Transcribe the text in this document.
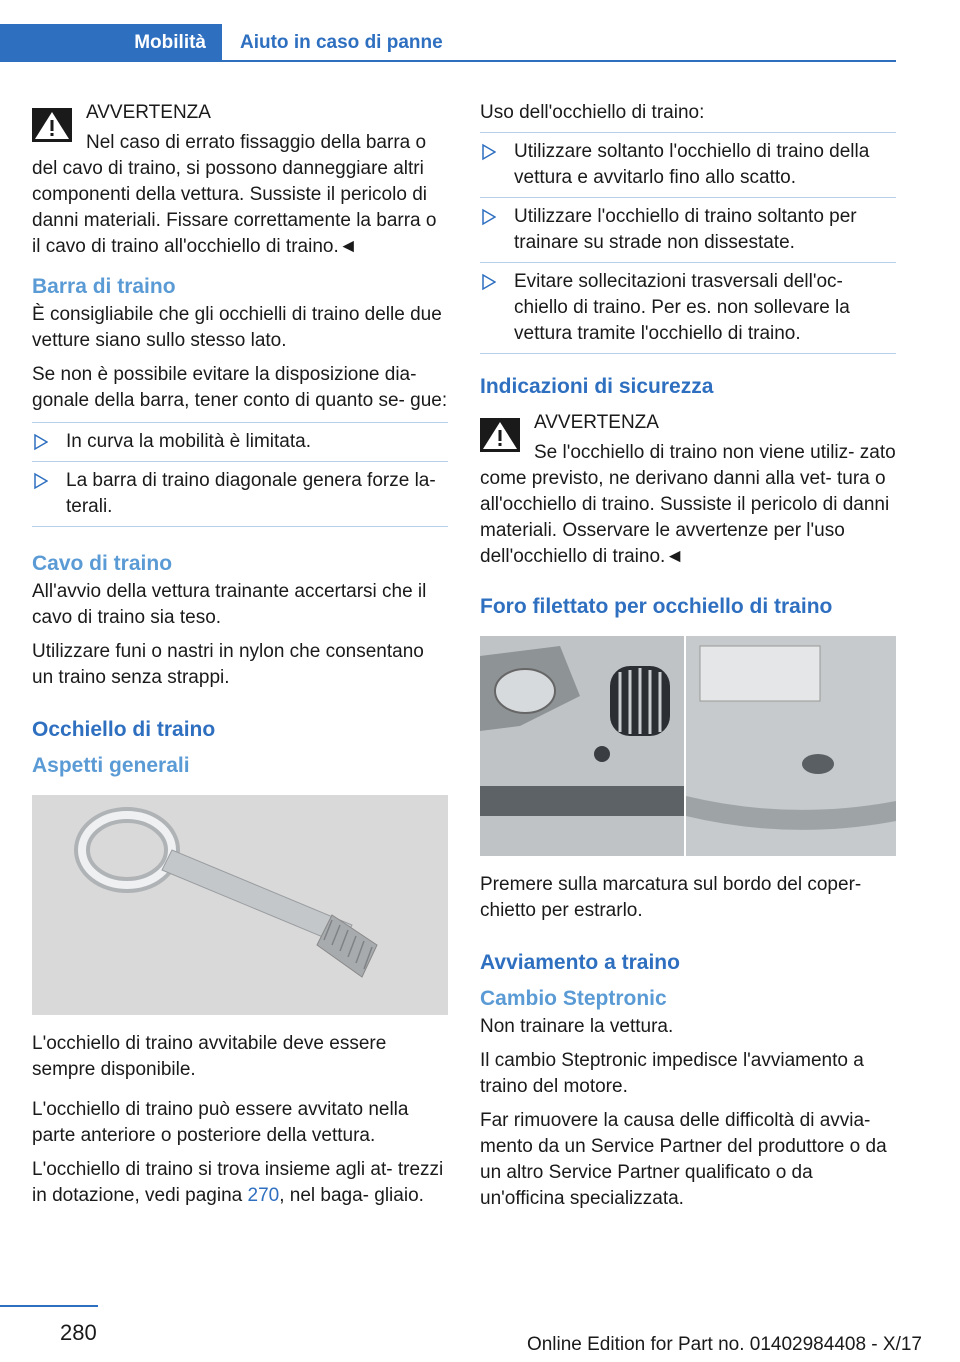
Mobilità Aiuto in caso di panne
AVVERTENZA
Nel caso di errato fissaggio della barra o del cavo di traino, si possono danneggiare altri componenti della vettura. Sussiste il pericolo di danni materiali. Fissare correttamente la barra o il cavo di traino all'occhiello di traino.◄
Barra di traino

È consigliabile che gli occhielli di traino delle due vetture siano sullo stesso lato.

Se non è possibile evitare la disposizione dia‐ gonale della barra, tener conto di quanto se‐ gue:

In curva la mobilità è limitata.
La barra di traino diagonale genera forze la‐ terali.
Cavo di traino

All'avvio della vettura trainante accertarsi che il cavo di traino sia teso.

Utilizzare funi o nastri in nylon che consentano un traino senza strappi.

Occhiello di traino
Aspetti generali

L'occhiello di traino avvitabile deve essere sempre disponibile.

L'occhiello di traino può essere avvitato nella parte anteriore o posteriore della vettura.

L'occhiello di traino si trova insieme agli at‐ trezzi in dotazione, vedi pagina 270, nel baga‐ gliaio.

Uso dell'occhiello di traino:

Utilizzare soltanto l'occhiello di traino della vettura e avvitarlo fino allo scatto.
Utilizzare l'occhiello di traino soltanto per trainare su strade non dissestate.
Evitare sollecitazioni trasversali dell'oc‐ chiello di traino. Per es. non sollevare la vettura tramite l'occhiello di traino.
Indicazioni di sicurezza
AVVERTENZA
Se l'occhiello di traino non viene utiliz‐ zato come previsto, ne derivano danni alla vet‐ tura o all'occhiello di traino. Sussiste il pericolo di danni materiali. Osservare le avvertenze per l'uso dell'occhiello di traino.◄
Foro filettato per occhiello di traino

Premere sulla marcatura sul bordo del coper‐ chietto per estrarlo.

Avviamento a traino
Cambio Steptronic

Non trainare la vettura.

Il cambio Steptronic impedisce l'avviamento a traino del motore.

Far rimuovere la causa delle difficoltà di avvia‐ mento da un Service Partner del produttore o da un altro Service Partner qualificato o da un'officina specializzata.

280	Online Edition for Part no. 01402984408 - X/17
